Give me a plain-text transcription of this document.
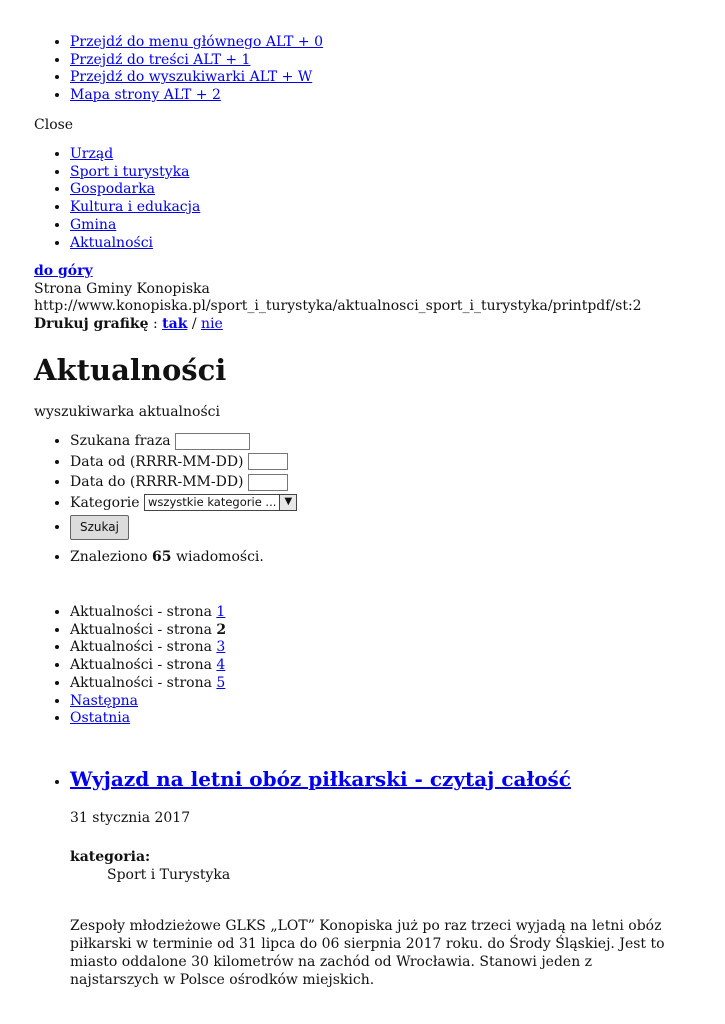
• Przejdź do menu głównego ALT + 0
• Przejdź do treści ALT + 1
• Przejdź do wyszukiwarki ALT + W
• Mapa strony ALT + 2
Close
• Urząd
• Sport i turystyka
• Gospodarka
• Kultura i edukacja
• Gmina
• Aktualności
do góry
Strona Gminy Konopiska
http://www.konopiska.pl/sport_i_turystyka/aktualnosci_sport_i_turystyka/printpdf/st:2
Drukuj grafikę : tak / nie
Aktualności
wyszukiwarka aktualności
• Szukana fraza
• Data od (RRRR-MM-DD)
• Data do (RRRR-MM-DD)
• Kategorie wszystkie kategorie ... ▼
• Szukaj
• Znaleziono 65 wiadomości.
• Aktualności - strona 1
• Aktualności - strona 2
• Aktualności - strona 3
• Aktualności - strona 4
• Aktualności - strona 5
• Następna
• Ostatnia
• Wyjazd na letni obóz piłkarski - czytaj całość
31 stycznia 2017
kategoria:
Sport i Turystyka
Zespoły młodzieżowe GLKS „LOT” Konopiska już po raz trzeci wyjadą na letni obóz piłkarski w terminie od 31 lipca do 06 sierpnia 2017 roku. do Środy Śląskiej. Jest to miasto oddalone 30 kilometrów na zachód od Wrocławia. Stanowi jeden z najstarszych w Polsce ośrodków miejskich.
